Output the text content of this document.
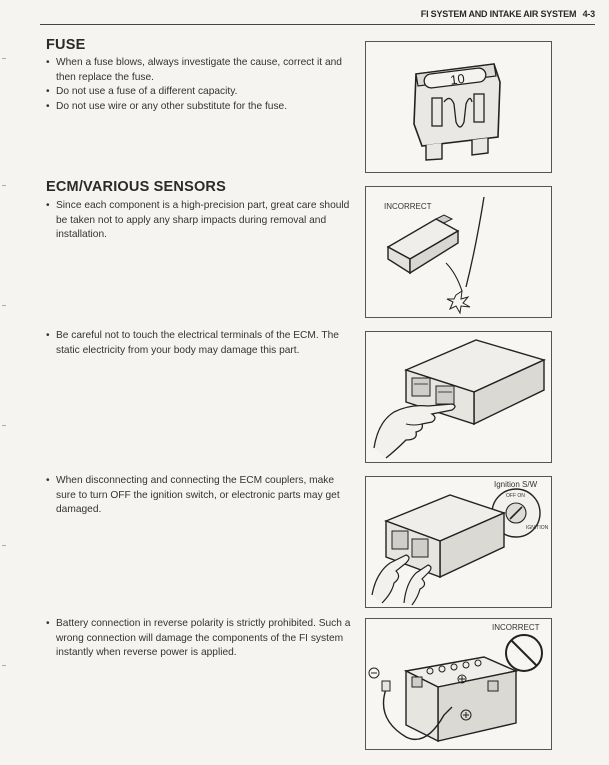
FI SYSTEM AND INTAKE AIR SYSTEM 4-3
FUSE
• When a fuse blows, always investigate the cause, correct it and then replace the fuse.
• Do not use a fuse of a different capacity.
• Do not use wire or any other substitute for the fuse.
10
ECM/VARIOUS SENSORS
• Since each component is a high-precision part, great care should be taken not to apply any sharp impacts during removal and installation.
INCORRECT
• Be careful not to touch the electrical terminals of the ECM. The static electricity from your body may damage this part.
• When disconnecting and connecting the ECM couplers, make sure to turn OFF the ignition switch, or electronic parts may get damaged.
Ignition S/W
OFF ON
IGNITION
• Battery connection in reverse polarity is strictly prohibited. Such a wrong connection will damage the components of the FI system instantly when reverse power is applied.
INCORRECT
